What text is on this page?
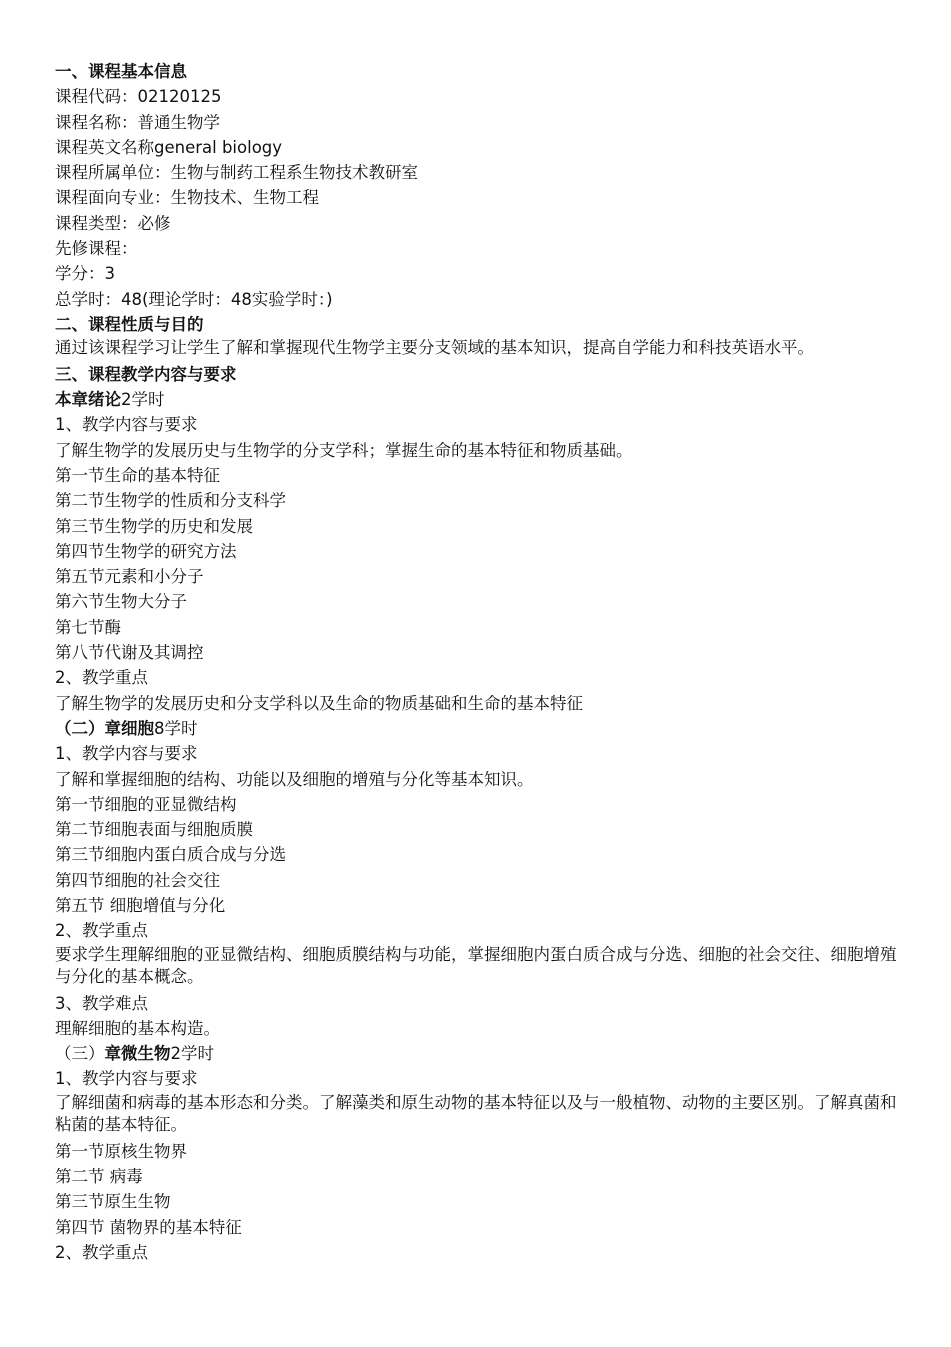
一、课程基本信息
课程代码：02120125
课程名称：普通生物学
课程英文名称general biology
课程所属单位：生物与制药工程系生物技术教研室
课程面向专业：生物技术、生物工程
课程类型：必修
先修课程：
学分：3
总学时：48(理论学时：48实验学时：)
二、课程性质与目的
通过该课程学习让学生了解和掌握现代生物学主要分支领域的基本知识，提高自学能力和科技英语水平。
三、课程教学内容与要求
本章绪论2学时
1、教学内容与要求
了解生物学的发展历史与生物学的分支学科；掌握生命的基本特征和物质基础。
第一节生命的基本特征
第二节生物学的性质和分支科学
第三节生物学的历史和发展
第四节生物学的研究方法
第五节元素和小分子
第六节生物大分子
第七节酶
第八节代谢及其调控
2、教学重点
了解生物学的发展历史和分支学科以及生命的物质基础和生命的基本特征
（二）章细胞8学时
1、教学内容与要求
了解和掌握细胞的结构、功能以及细胞的增殖与分化等基本知识。
第一节细胞的亚显微结构
第二节细胞表面与细胞质膜
第三节细胞内蛋白质合成与分选
第四节细胞的社会交往
第五节 细胞增值与分化
2、教学重点
要求学生理解细胞的亚显微结构、细胞质膜结构与功能，掌握细胞内蛋白质合成与分选、细胞的社会交往、细胞增殖与分化的基本概念。
3、教学难点
理解细胞的基本构造。
（三）章微生物2学时
1、教学内容与要求
了解细菌和病毒的基本形态和分类。了解藻类和原生动物的基本特征以及与一般植物、动物的主要区别。了解真菌和粘菌的基本特征。
第一节原核生物界
第二节 病毒
第三节原生生物
第四节 菌物界的基本特征
2、教学重点
